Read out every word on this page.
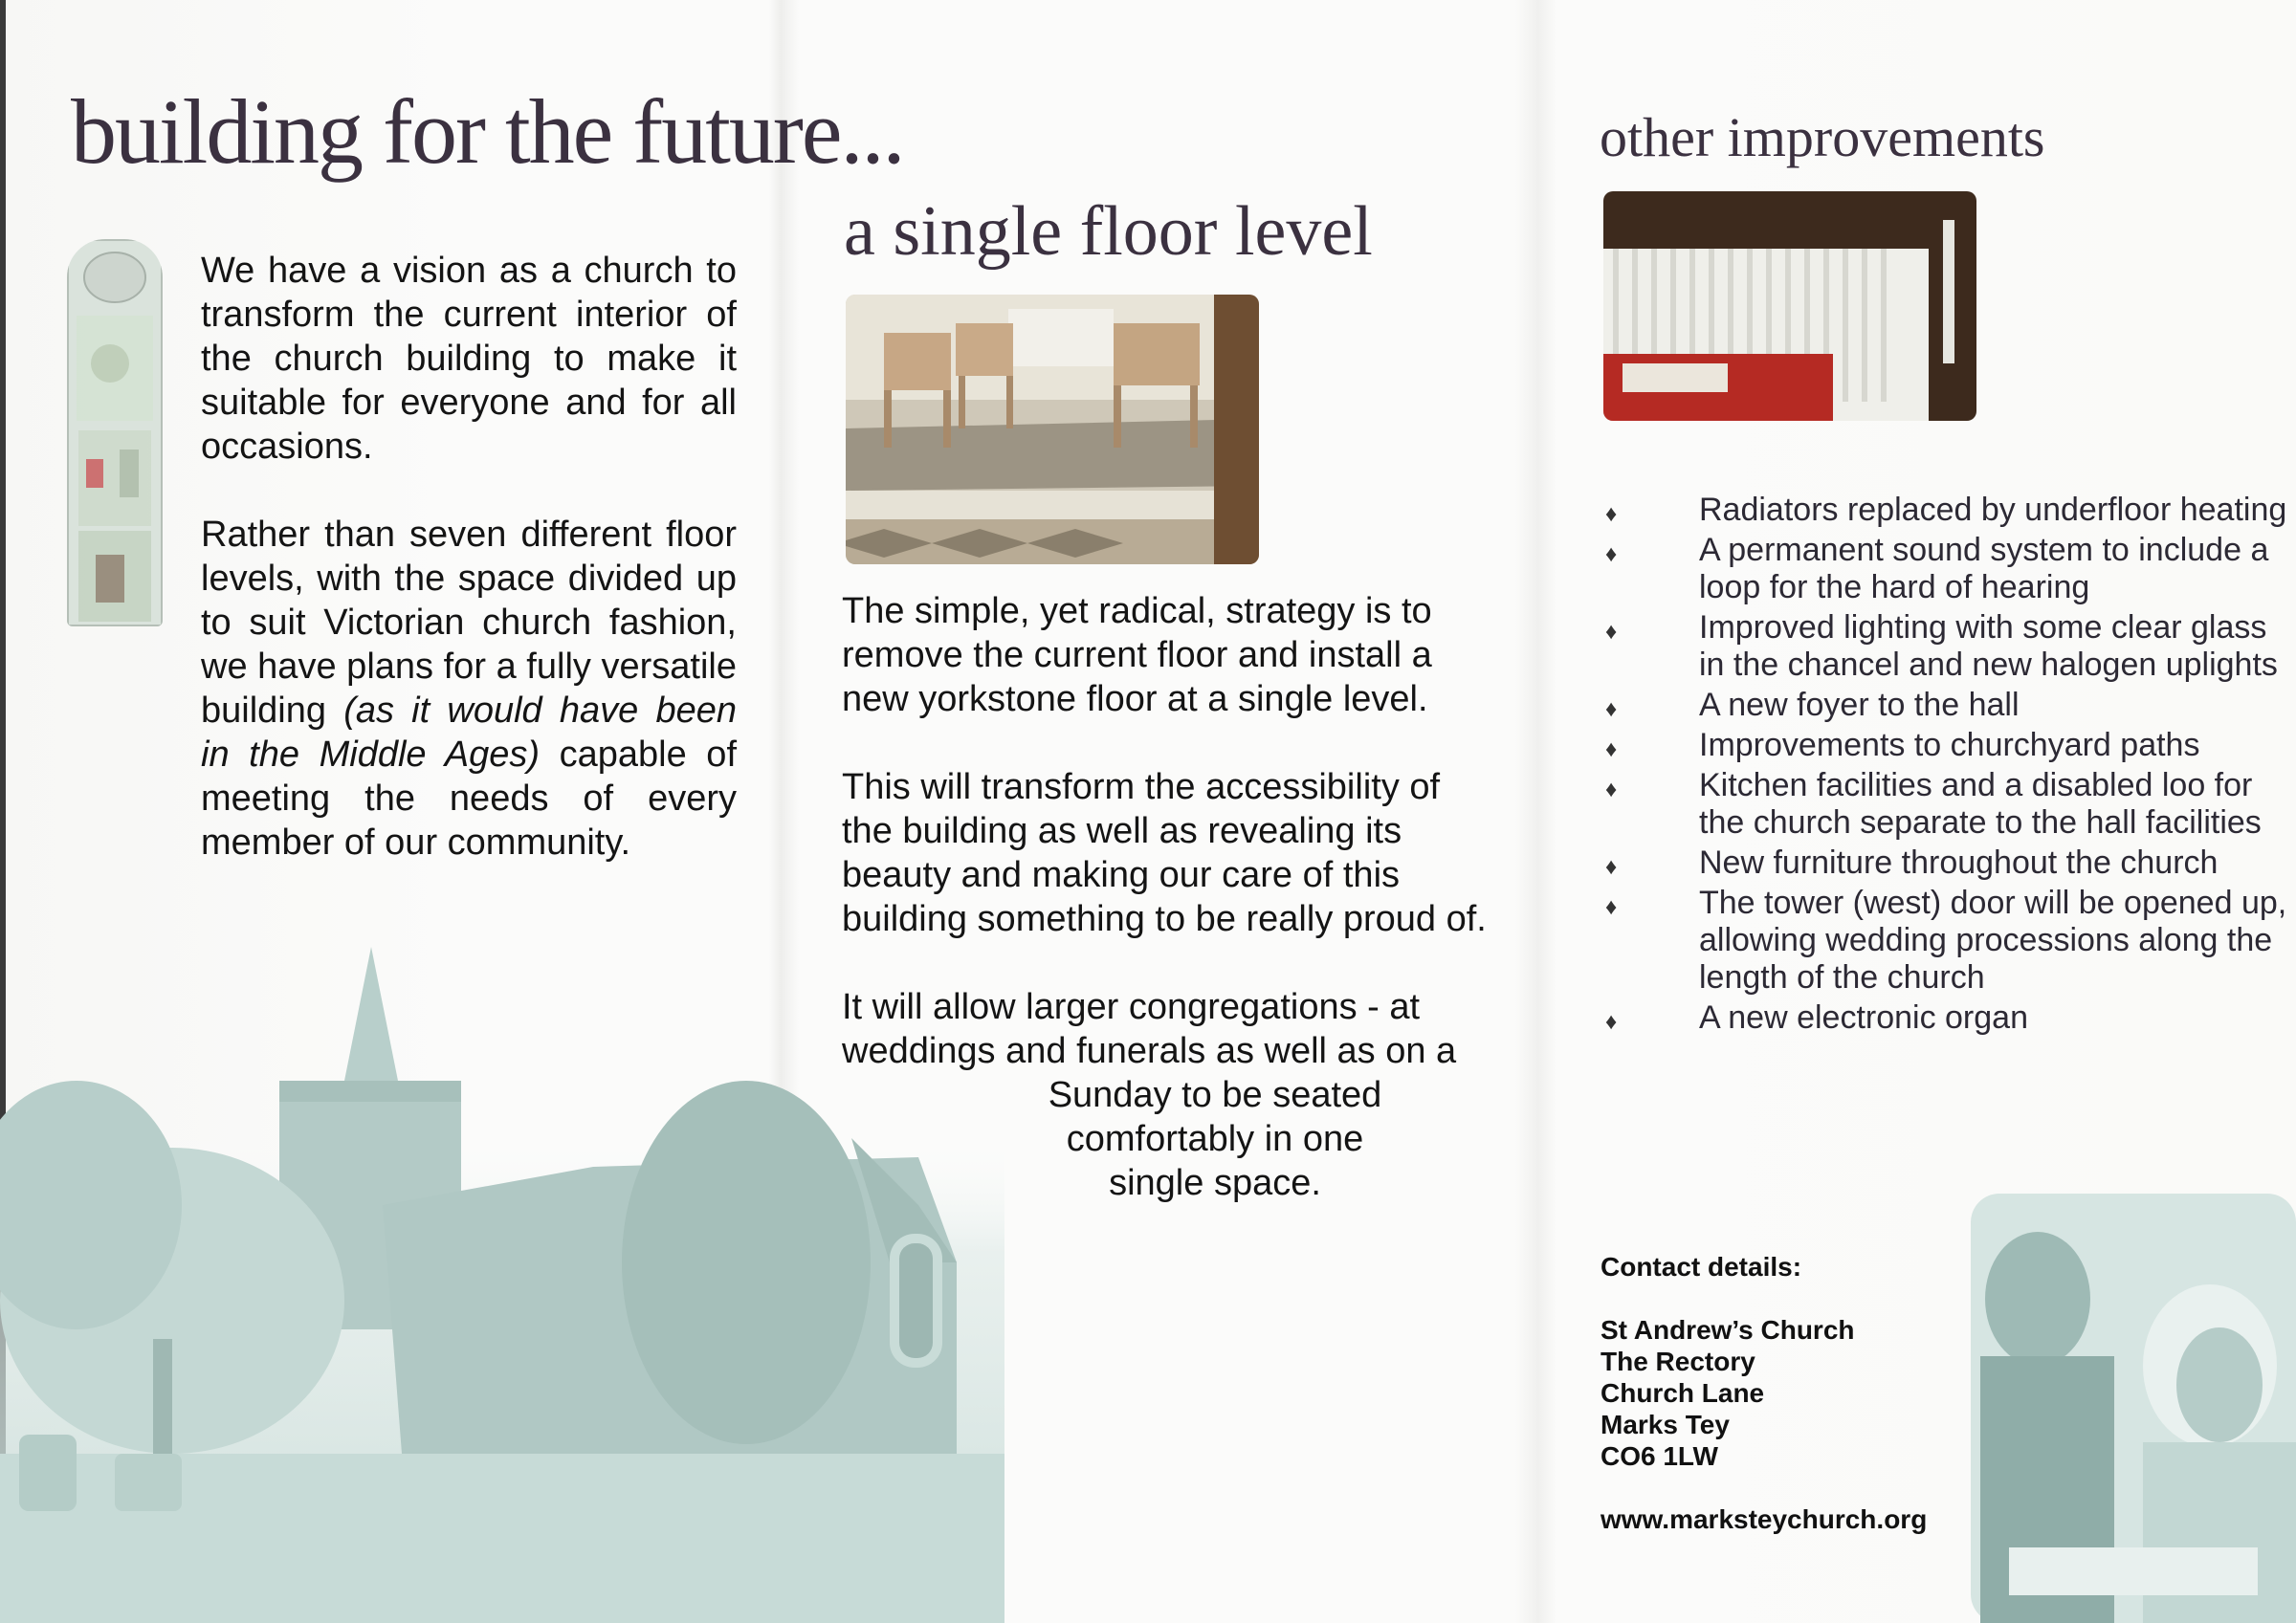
building for the future...
a single floor level
other improvements

We have a vision as a church to transform the current interior of the church building to make it suitable for everyone and for all occasions.

Rather than seven different floor levels, with the space divided up to suit Victorian church fashion, we have plans for a fully versatile building (as it would have been in the Middle Ages) capable of meeting the needs of every member of our community.

The simple, yet radical, strategy is to remove the current floor and install a new yorkstone floor at a single level.

This will transform the accessibility of the building as well as revealing its beauty and making our care of this building something to be really proud of.

It will allow larger congregations - at weddings and funerals as well as on a
Sunday to be seated comfortably in one single space.

♦	Radiators replaced by underfloor heating
♦	A permanent sound system to include a loop for the hard of hearing
♦	Improved lighting with some clear glass in the chancel and new halogen uplights
♦	A new foyer to the hall
♦	Improvements to churchyard paths
♦	Kitchen facilities and a disabled loo for the church separate to the hall facilities
♦	New furniture throughout the church
♦	The tower (west) door will be opened up, allowing wedding processions along the length of the church
♦	A new electronic organ
Contact details:
St Andrew’s Church
The Rectory
Church Lane
Marks Tey
CO6 1LW
www.marksteychurch.org
